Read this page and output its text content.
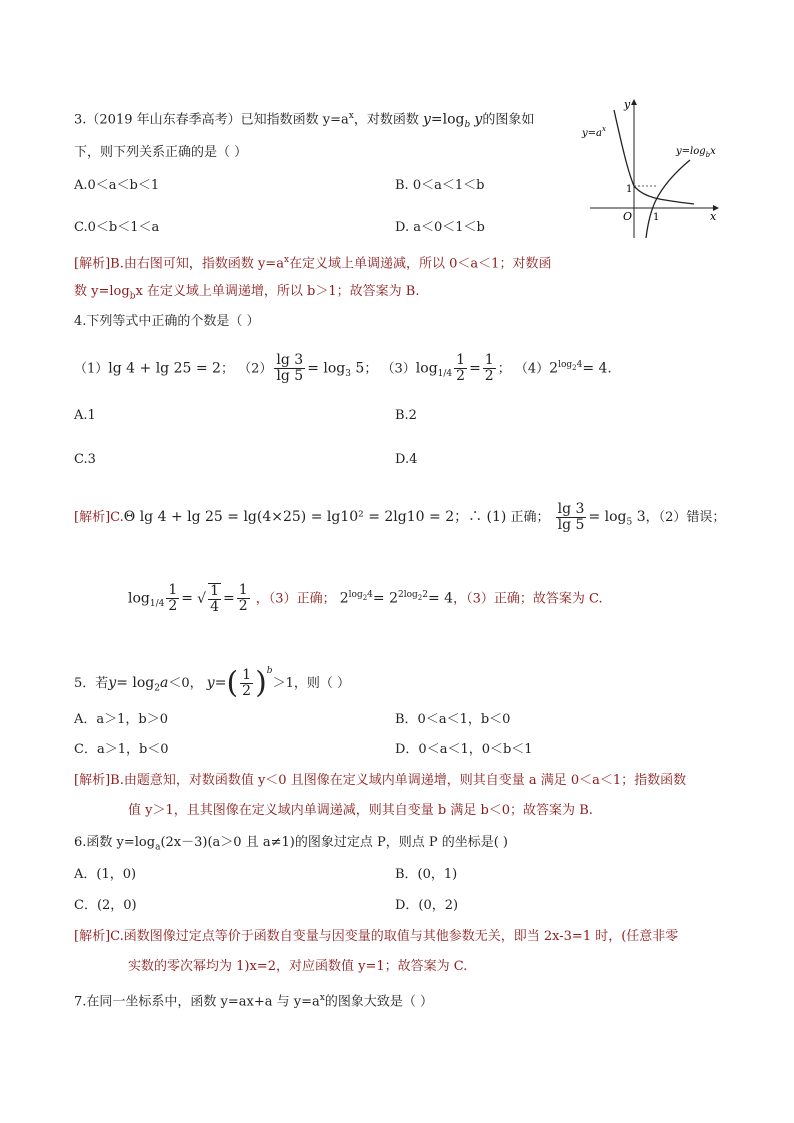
3.（2019 年山东春季高考）已知指数函数 $y=a^x$，对数函数 $y=\log_b$ y的图象如
下，则下列关系正确的是（ ）
A.0＜a＜b＜1	B. 0＜a＜1＜b
C.0＜b＜1＜a	D. a＜0＜1＜b
y
x
O 1
1
$y=a^x$
$y=\log_bx$
[解析]B.由右图可知，指数函数 $y=a^x$在定义域上单调递减，所以 0＜a＜1；对数函
数 $y=\log_bx$ 在定义域上单调递增，所以 b＞1；故答案为 B.
4.下列等式中正确的个数是（ ）
（1）lg 4 + lg 25 = 2； $(2) \frac{\lg 3}{\lg 5} = \log_3 5$； $(3)\log_{1/4} \frac{1}{2} = \frac{1}{2}$ ； $(4)2^{log_24}= 4$.
A.1	B.2
C.3	D.4
[解析]C.Θ lg 4 + lg 25 = lg(4×25) = lg10² = 2lg10 = 2；∴ (1) 正确； $\frac{\lg 3}{\lg 5} = \log_5 3$，（2）错误；
$\log_{1/4} \frac{1}{2}$ = √ $\frac{1}{4} = \frac{1}{2}$ ，（3）正确； $2^{log_24}= 2^{2log_22}= 4$，（3）正确；故答案为 C.
5．若$y= \log_2a<0$， $y=( \frac{1}{2} )^b>1$，则（ ）
A．a＞1，b＞0	B．0＜a＜1，b＜0
C．a＞1，b＜0	D．0＜a＜1，0＜b＜1
[解析]B.由题意知，对数函数值 y＜0 且图像在定义域内单调递增，则其自变量 a 满足 0＜a＜1；指数函数
值 y＞1，且其图像在定义域内单调递减，则其自变量 b 满足 b＜0；故答案为 B.
6.函数 $y=\log_a(2x-3)(a>0$ 且 a≠1)的图象过定点 P，则点 P 的坐标是( )
A．(1，0)	B．(0，1)
C．(2，0)	D．(0，2)
[解析]C.函数图像过定点等价于函数自变量与因变量的取值与其他参数无关，即当 2x-3=1 时，(任意非零
实数的零次幂均为 1)x=2，对应函数值 y=1；故答案为 C.
7.在同一坐标系中，函数 y=ax+a 与 $y=a^x$的图象大致是（ ）
